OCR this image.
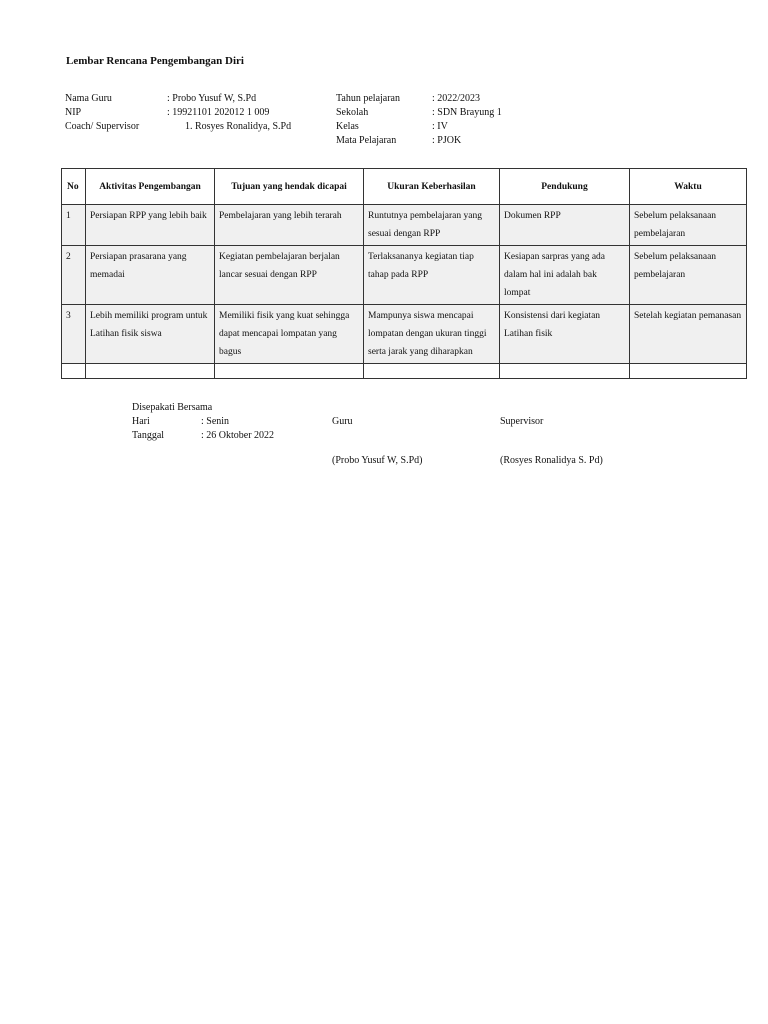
Lembar Rencana Pengembangan Diri
Nama Guru	: Probo Yusuf W, S.Pd
NIP	: 19921101 202012 1 009
Coach/ Supervisor	1. Rosyes Ronalidya, S.Pd
Tahun pelajaran	: 2022/2023
Sekolah	: SDN Brayung 1
Kelas	: IV
Mata Pelajaran	: PJOK
No	Aktivitas Pengembangan	Tujuan yang hendak dicapai	Ukuran Keberhasilan	Pendukung	Waktu
1	Persiapan RPP yang lebih baik	Pembelajaran yang lebih terarah	Runtutnya pembelajaran yang sesuai dengan RPP	Dokumen RPP	Sebelum pelaksanaan pembelajaran
2	Persiapan prasarana yang memadai	Kegiatan pembelajaran berjalan lancar sesuai dengan RPP	Terlaksananya kegiatan tiap tahap pada RPP	Kesiapan sarpras yang ada dalam hal ini adalah bak lompat	Sebelum pelaksanaan pembelajaran
3	Lebih memiliki program untuk Latihan fisik siswa	Memiliki fisik yang kuat sehingga dapat mencapai lompatan yang bagus	Mampunya siswa mencapai lompatan dengan ukuran tinggi serta jarak yang diharapkan	Konsistensi dari kegiatan Latihan fisik	Setelah kegiatan pemanasan

Disepakati Bersama
Hari	: Senin
Tanggal	: 26 Oktober 2022
Guru	Supervisor
(Probo Yusuf W, S.Pd)	(Rosyes Ronalidya S. Pd)
